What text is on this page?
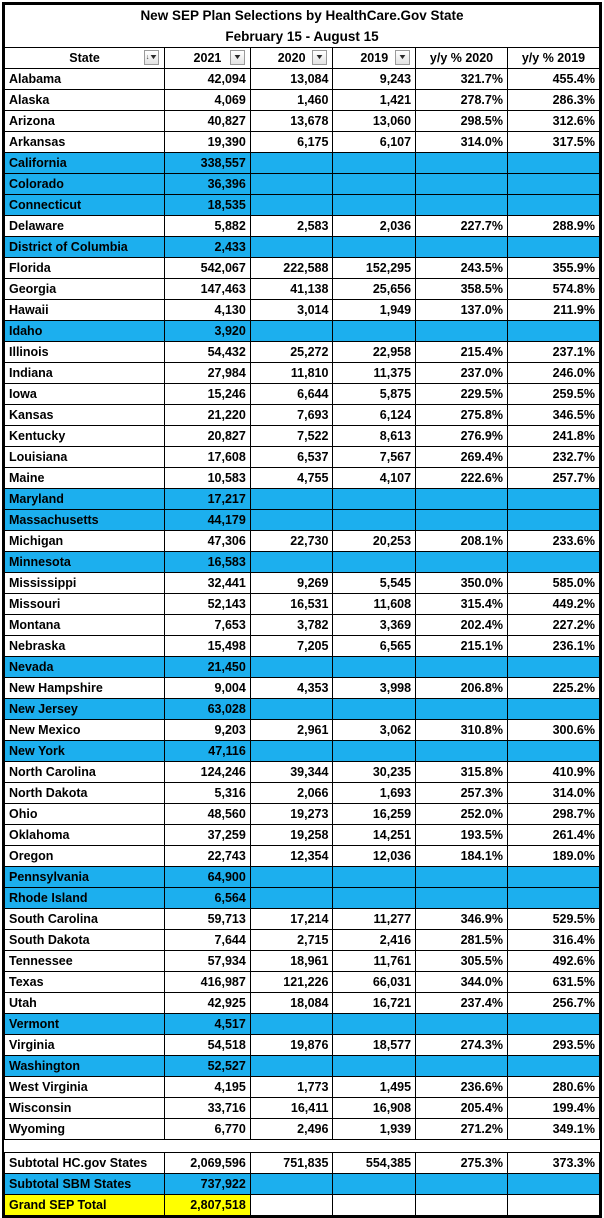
New SEP Plan Selections by HealthCare.Gov State					
February 15 - August 15					

State ↓ ▼	2021 ▼	2020 ▼	2019 ▼	y/y % 2020	y/y % 2019

Alabama	42,094	13,084	9,243	321.7%	455.4%
Alaska	4,069	1,460	1,421	278.7%	286.3%
Arizona	40,827	13,678	13,060	298.5%	312.6%
Arkansas	19,390	6,175	6,107	314.0%	317.5%
California	338,557				
Colorado	36,396				
Connecticut	18,535				
Delaware	5,882	2,583	2,036	227.7%	288.9%
District of Columbia	2,433				
Florida	542,067	222,588	152,295	243.5%	355.9%
Georgia	147,463	41,138	25,656	358.5%	574.8%
Hawaii	4,130	3,014	1,949	137.0%	211.9%
Idaho	3,920				
Illinois	54,432	25,272	22,958	215.4%	237.1%
Indiana	27,984	11,810	11,375	237.0%	246.0%
Iowa	15,246	6,644	5,875	229.5%	259.5%
Kansas	21,220	7,693	6,124	275.8%	346.5%
Kentucky	20,827	7,522	8,613	276.9%	241.8%
Louisiana	17,608	6,537	7,567	269.4%	232.7%
Maine	10,583	4,755	4,107	222.6%	257.7%
Maryland	17,217				
Massachusetts	44,179				
Michigan	47,306	22,730	20,253	208.1%	233.6%
Minnesota	16,583				
Mississippi	32,441	9,269	5,545	350.0%	585.0%
Missouri	52,143	16,531	11,608	315.4%	449.2%
Montana	7,653	3,782	3,369	202.4%	227.2%
Nebraska	15,498	7,205	6,565	215.1%	236.1%
Nevada	21,450				
New Hampshire	9,004	4,353	3,998	206.8%	225.2%
New Jersey	63,028				
New Mexico	9,203	2,961	3,062	310.8%	300.6%
New York	47,116				
North Carolina	124,246	39,344	30,235	315.8%	410.9%
North Dakota	5,316	2,066	1,693	257.3%	314.0%
Ohio	48,560	19,273	16,259	252.0%	298.7%
Oklahoma	37,259	19,258	14,251	193.5%	261.4%
Oregon	22,743	12,354	12,036	184.1%	189.0%
Pennsylvania	64,900				
Rhode Island	6,564				
South Carolina	59,713	17,214	11,277	346.9%	529.5%
South Dakota	7,644	2,715	2,416	281.5%	316.4%
Tennessee	57,934	18,961	11,761	305.5%	492.6%
Texas	416,987	121,226	66,031	344.0%	631.5%
Utah	42,925	18,084	16,721	237.4%	256.7%
Vermont	4,517				
Virginia	54,518	19,876	18,577	274.3%	293.5%
Washington	52,527				
West Virginia	4,195	1,773	1,495	236.6%	280.6%
Wisconsin	33,716	16,411	16,908	205.4%	199.4%
Wyoming	6,770	2,496	1,939	271.2%	349.1%

Subtotal HC.gov States	2,069,596	751,835	554,385	275.3%	373.3%
Subtotal SBM States	737,922				
Grand SEP Total	2,807,518				
